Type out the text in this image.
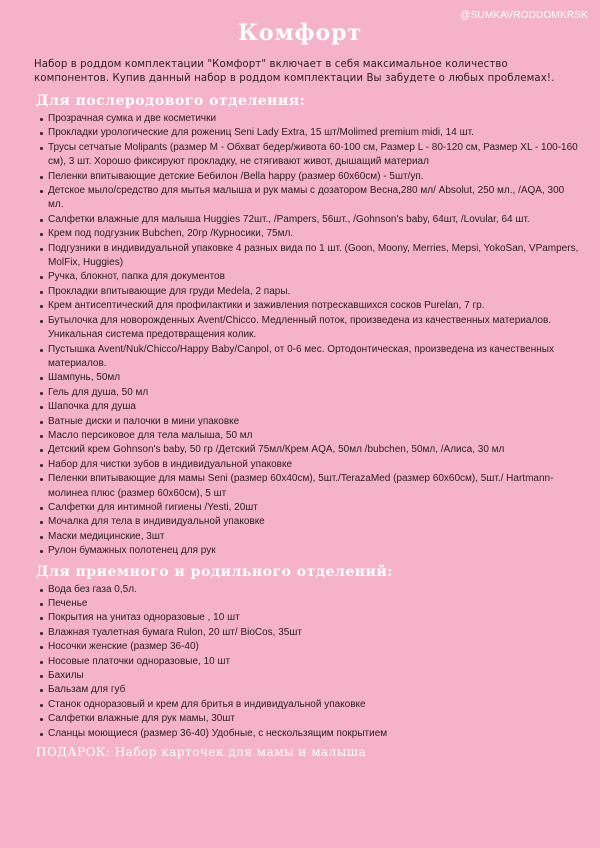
@SUMKAVRODDOMKRSK
Комфорт

Набор в роддом комплектации "Комфорт" включает в себя максимальное количество компонентов. Купив данный набор в роддом комплектации Вы забудете о любых проблемах!.

Для послеродового отделения:
Прозрачная сумка и две косметички
Прокладки урологические для рожениц Seni Lady Extra, 15 шт/Molimed premium midi, 14 шт.
Трусы сетчатые Molipants (размер M - Обхват бедер/живота 60-100 см, Размер L - 80-120 см, Размер XL - 100-160 см), 3 шт. Хорошо фиксируют прокладку, не стягивают живот, дышащий материал
Пеленки впитывающие детские Бебилон /Bella happy (размер 60х60см) - 5шт/уп.
Детское мыло/средство для мытья малыша и рук мамы с дозатором Весна,280 мл/ Absolut, 250 мл., /AQA, 300 мл.
Салфетки влажные для малыша Huggies 72шт., /Pampers, 56шт., /Gohnson's baby, 64шт, /Lovular, 64 шт.
Крем под подгузник Bubchen, 20гр /Курносики, 75мл.
Подгузники в индивидуальной упаковке 4 разных вида по 1 шт. (Goon, Moony, Merries, Mepsi, YokoSan, VPampers, MolFix, Huggies)
Ручка, блокнот, папка для документов
Прокладки впитывающие для груди Medela, 2 пары.
Крем антисептический для профилактики и заживления потрескавшихся сосков Purelan, 7 гр.
Бутылочка для новорожденных Avent/Chicco. Медленный поток, произведена из качественных материалов. Уникальная система предотвращения колик.
Пустышка Avent/Nuk/Chicco/Happy Baby/Canpol, от 0-6 мес. Ортодонтическая, произведена из качественных материалов.
Шампунь, 50мл
Гель для душа, 50 мл
Шапочка для душа
Ватные диски и палочки в мини упаковке
Масло персиковое для тела малыша, 50 мл
Детский крем Gohnson's baby, 50 гр /Детский 75мл/Крем AQA, 50мл /bubchen, 50мл, /Алиса, 30 мл
Набор для чистки зубов в индивидуальной упаковке
Пеленки впитывающие для мамы Seni (размер 60х40см), 5шт./TerazaMed (размер 60х60см), 5шт./ Hartmann-молинеа плюс (размер 60х60см), 5 шт
Салфетки для интимной гигиены /Yesti, 20шт
Мочалка для тела в индивидуальной упаковке
Маски медицинские, 3шт
Рулон бумажных полотенец для рук
Для приемного и родильного отделений:
Вода без газа 0,5л.
Печенье
Покрытия на унитаз одноразовые , 10 шт
Влажная туалетная бумага Rulon, 20 шт/ BioCos, 35шт
Носочки женские (размер 36-40)
Носовые платочки одноразовые, 10 шт
Бахилы
Бальзам для губ
Станок одноразовый и крем для бритья в индивидуальной упаковке
Салфетки влажные для рук мамы, 30шт
Сланцы моющиеся (размер 36-40) Удобные, с нескользящим покрытием
ПОДАРОК: Набор карточек для мамы и малыша
